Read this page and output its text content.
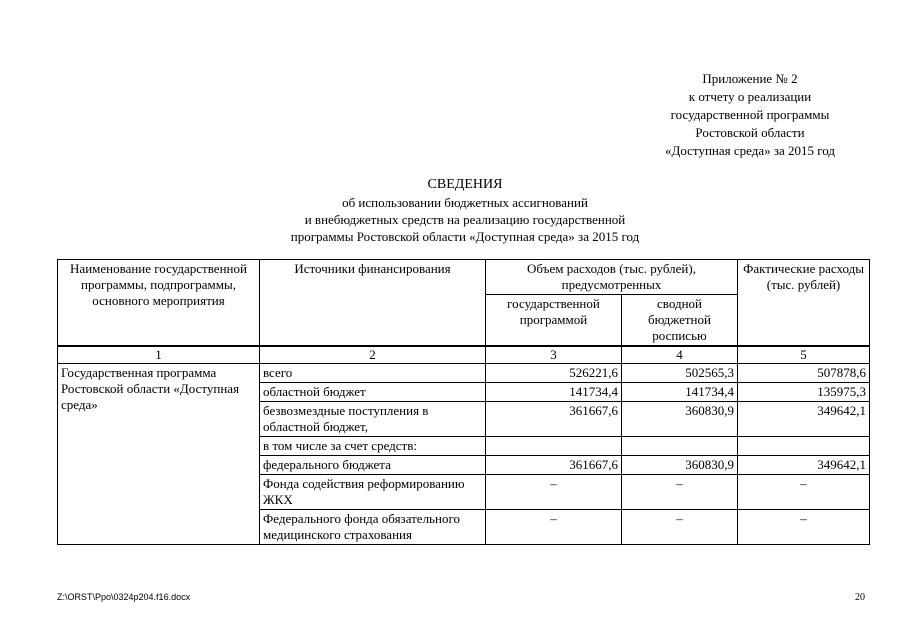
Приложение № 2
к отчету о реализации
государственной программы
Ростовской области
«Доступная среда» за 2015 год
СВЕДЕНИЯ
об использовании бюджетных ассигнований
и внебюджетных средств на реализацию государственной
программы Ростовской области «Доступная среда» за 2015 год
Наименование государственной программы, подпрограммы, основного мероприятия	Источники финансирования	Объем расходов (тыс. рублей), предусмотренных		Фактические расходы (тыс. рублей)
		государственной программой	сводной бюджетной росписью	
1	2	3	4	5
Государственная программа Ростовской области «Доступная среда»	всего	526221,6	502565,3	507878,6
	областной бюджет	141734,4	141734,4	135975,3
	безвозмездные поступления в областной бюджет,	361667,6	360830,9	349642,1
	в том числе за счет средств:			
	федерального бюджета	361667,6	360830,9	349642,1
	Фонда содействия реформированию ЖКХ	–	–	–
	Федерального фонда обязательного медицинского страхования	–	–	–
Z:\ORST\Ppo\0324p204.f16.docx	20
